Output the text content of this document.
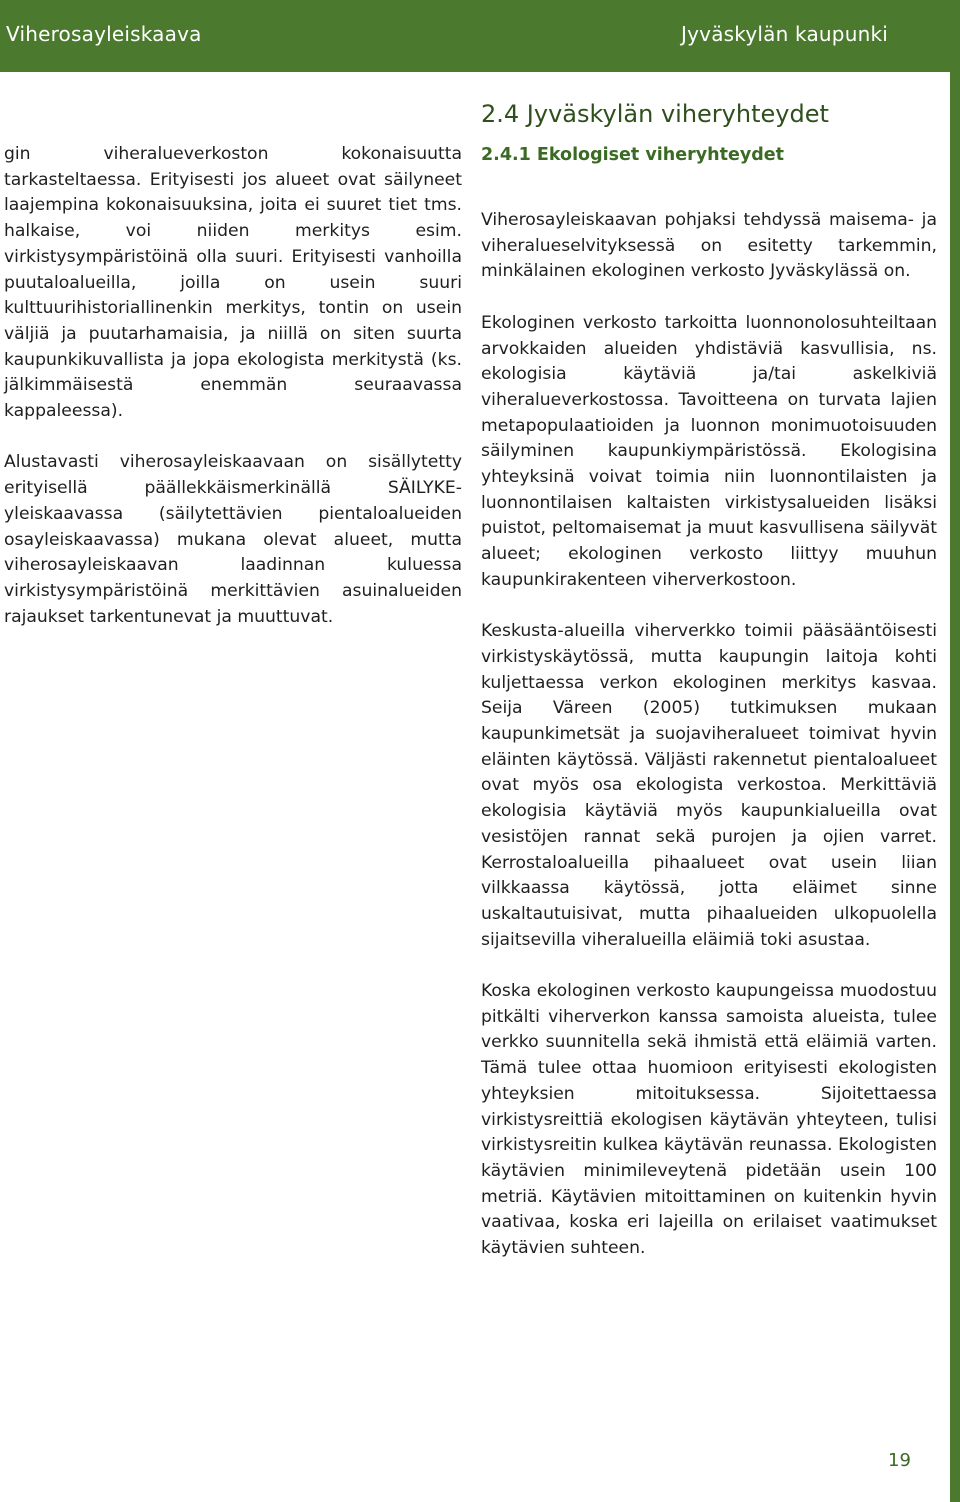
Viherosayleiskaava	Jyväskylän kaupunki

gin viheralueverkoston kokonaisuutta tarkasteltaessa. Erityisesti jos alueet ovat säilyneet laajempina kokonaisuuksina, joita ei suuret tiet tms. halkaise, voi niiden merkitys esim. virkistysympäristöinä olla suuri. Erityisesti vanhoilla puutaloalueilla, joilla on usein suuri kulttuurihistoriallinenkin merkitys, tontin on usein väljiä ja puutarhamaisia, ja niillä on siten suurta kaupunkikuvallista ja jopa ekologista merkitystä (ks. jälkimmäisestä enemmän seuraavassa kappaleessa).

Alustavasti viherosayleiskaavaan on sisällytetty erityisellä päällekkäismerkinällä SÄILYKE-yleiskaavassa (säilytettävien pientaloalueiden osayleiskaavassa) mukana olevat alueet, mutta viherosayleiskaavan laadinnan kuluessa virkistysympäristöinä merkittävien asuinalueiden rajaukset tarkentunevat ja muuttuvat.

2.4 Jyväskylän viheryhteydet
2.4.1 Ekologiset viheryhteydet

Viherosayleiskaavan pohjaksi tehdyssä maisema- ja viheralueselvityksessä on esitetty tarkemmin, minkälainen ekologinen verkosto Jyväskylässä on.

Ekologinen verkosto tarkoitta luonnonolosuhteiltaan arvokkaiden alueiden yhdistäviä kasvullisia, ns. ekologisia käytäviä ja/tai askelkiviä viheralueverkostossa. Tavoitteena on turvata lajien metapopulaatioiden ja luonnon monimuotoisuuden säilyminen kaupunkiympäristössä. Ekologisina yhteyksinä voivat toimia niin luonnontilaisten ja luonnontilaisen kaltaisten virkistysalueiden lisäksi puistot, peltomaisemat ja muut kasvullisena säilyvät alueet; ekologinen verkosto liittyy muuhun kaupunkirakenteen viherverkostoon.

Keskusta-alueilla viherverkko toimii pääsääntöisesti virkistyskäytössä, mutta kaupungin laitoja kohti kuljettaessa verkon ekologinen merkitys kasvaa. Seija Väreen (2005) tutkimuksen mukaan kaupunkimetsät ja suojaviheralueet toimivat hyvin eläinten käytössä. Väljästi rakennetut pientaloalueet ovat myös osa ekologista verkostoa. Merkittäviä ekologisia käytäviä myös kaupunkialueilla ovat vesistöjen rannat sekä purojen ja ojien varret. Kerrostaloalueilla pihaalueet ovat usein liian vilkkaassa käytössä, jotta eläimet sinne uskaltautuisivat, mutta pihaalueiden ulkopuolella sijaitsevilla viheralueilla eläimiä toki asustaa.

Koska ekologinen verkosto kaupungeissa muodostuu pitkälti viherverkon kanssa samoista alueista, tulee verkko suunnitella sekä ihmistä että eläimiä varten. Tämä tulee ottaa huomioon erityisesti ekologisten yhteyksien mitoituksessa. Sijoitettaessa virkistysreittiä ekologisen käytävän yhteyteen, tulisi virkistysreitin kulkea käytävän reunassa. Ekologisten käytävien minimileveytenä pidetään usein 100 metriä. Käytävien mitoittaminen on kuitenkin hyvin vaativaa, koska eri lajeilla on erilaiset vaatimukset käytävien suhteen.

19
